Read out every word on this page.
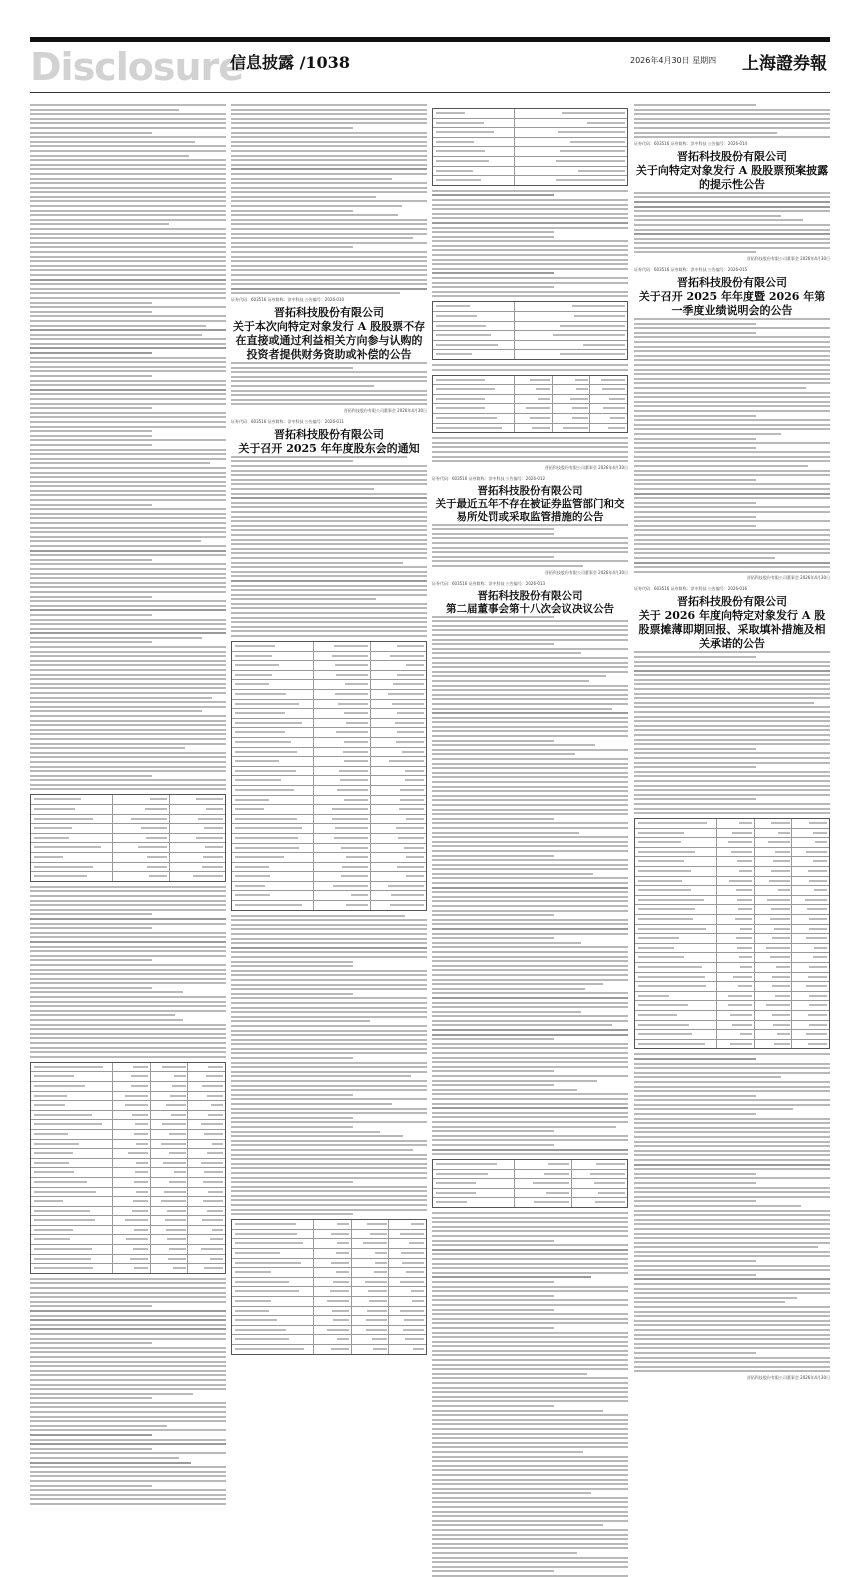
Disclosure
信息披露 /1038	2026年4月30日 星期四 上海證券報
证券代码：603516 证券简称：淳中科技 公告编号：2026-010
晋拓科技股份有限公司
关于本次向特定对象发行 A 股股票不存在直接或通过利益相关方向参与认购的投资者提供财务资助或补偿的公告
晋拓科技股份有限公司董事会 2026年4月30日
证券代码：603516 证券简称：淳中科技 公告编号：2026-011
晋拓科技股份有限公司
关于召开 2025 年年度股东会的通知
晋拓科技股份有限公司董事会 2026年4月30日
证券代码：603516 证券简称：淳中科技 公告编号：2026-012
晋拓科技股份有限公司
关于最近五年不存在被证券监管部门和交易所处罚或采取监管措施的公告
晋拓科技股份有限公司董事会 2026年4月30日
证券代码：603516 证券简称：淳中科技 公告编号：2026-013
晋拓科技股份有限公司
第二届董事会第十八次会议决议公告
证券代码：603516 证券简称：淳中科技 公告编号：2026-014
晋拓科技股份有限公司
关于向特定对象发行 A 股股票预案披露的提示性公告
晋拓科技股份有限公司董事会 2026年4月30日
证券代码：603516 证券简称：淳中科技 公告编号：2026-015
晋拓科技股份有限公司
关于召开 2025 年年度暨 2026 年第一季度业绩说明会的公告
晋拓科技股份有限公司董事会 2026年4月30日
证券代码：603516 证券简称：淳中科技 公告编号：2026-016
晋拓科技股份有限公司
关于 2026 年度向特定对象发行 A 股股票摊薄即期回报、采取填补措施及相关承诺的公告
晋拓科技股份有限公司董事会 2026年4月30日
